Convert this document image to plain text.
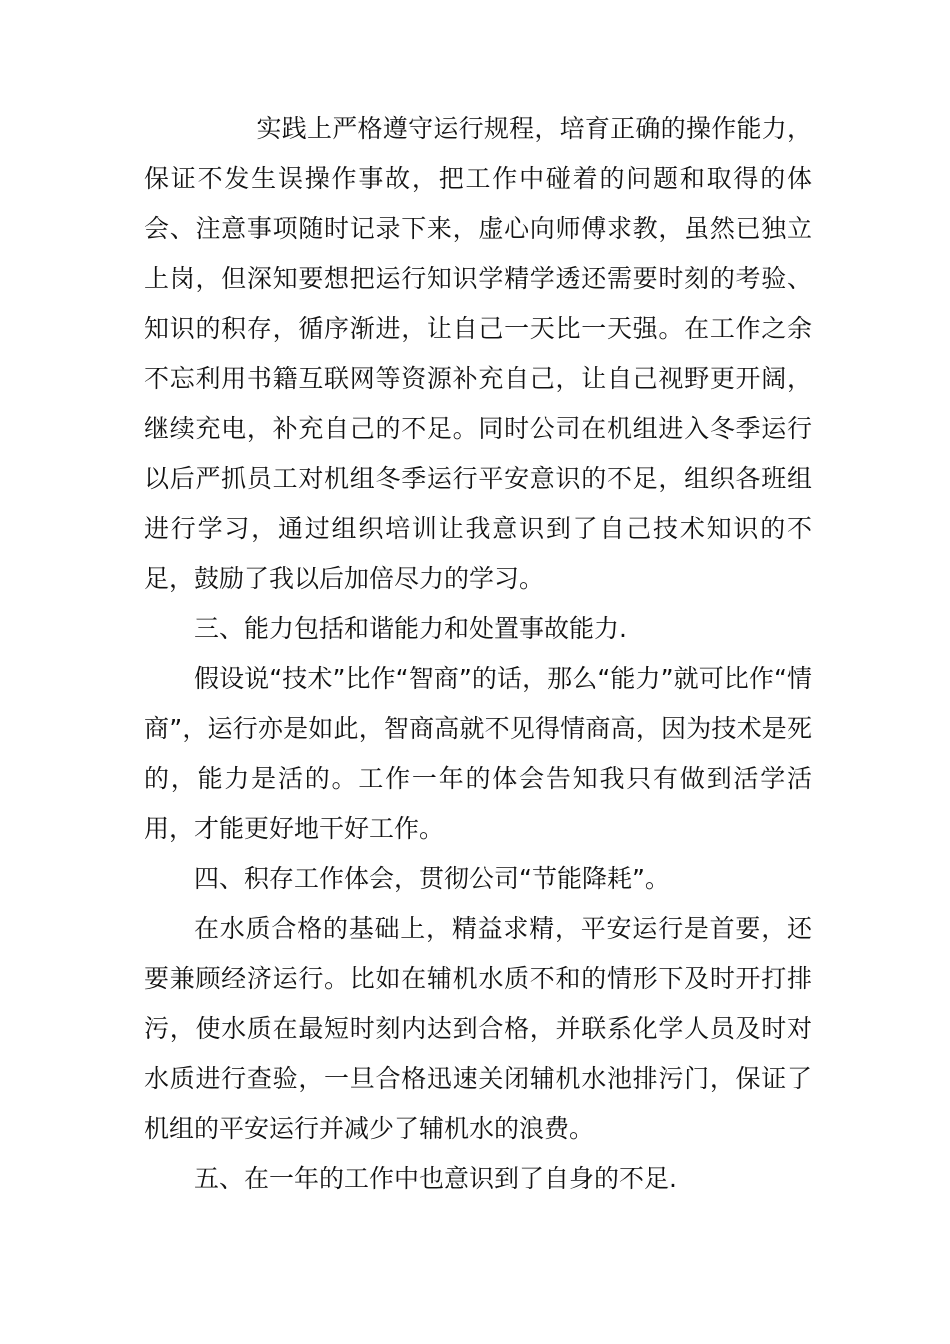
实践上严格遵守运行规程，培育正确的操作能力，保证不发生误操作事故，把工作中碰着的问题和取得的体会、注意事项随时记录下来，虚心向师傅求教，虽然已独立上岗，但深知要想把运行知识学精学透还需要时刻的考验、知识的积存，循序渐进，让自己一天比一天强。在工作之余不忘利用书籍互联网等资源补充自己，让自己视野更开阔，继续充电，补充自己的不足。同时公司在机组进入冬季运行以后严抓员工对机组冬季运行平安意识的不足，组织各班组进行学习，通过组织培训让我意识到了自己技术知识的不足，鼓励了我以后加倍尽力的学习。

三、能力包括和谐能力和处置事故能力.

假设说“技术”比作“智商”的话，那么“能力”就可比作“情商”，运行亦是如此，智商高就不见得情商高，因为技术是死的，能力是活的。工作一年的体会告知我只有做到活学活用，才能更好地干好工作。

四、积存工作体会，贯彻公司“节能降耗”。

在水质合格的基础上，精益求精，平安运行是首要，还要兼顾经济运行。比如在辅机水质不和的情形下及时开打排污，使水质在最短时刻内达到合格，并联系化学人员及时对水质进行查验，一旦合格迅速关闭辅机水池排污门，保证了机组的平安运行并减少了辅机水的浪费。

五、在一年的工作中也意识到了自身的不足.
